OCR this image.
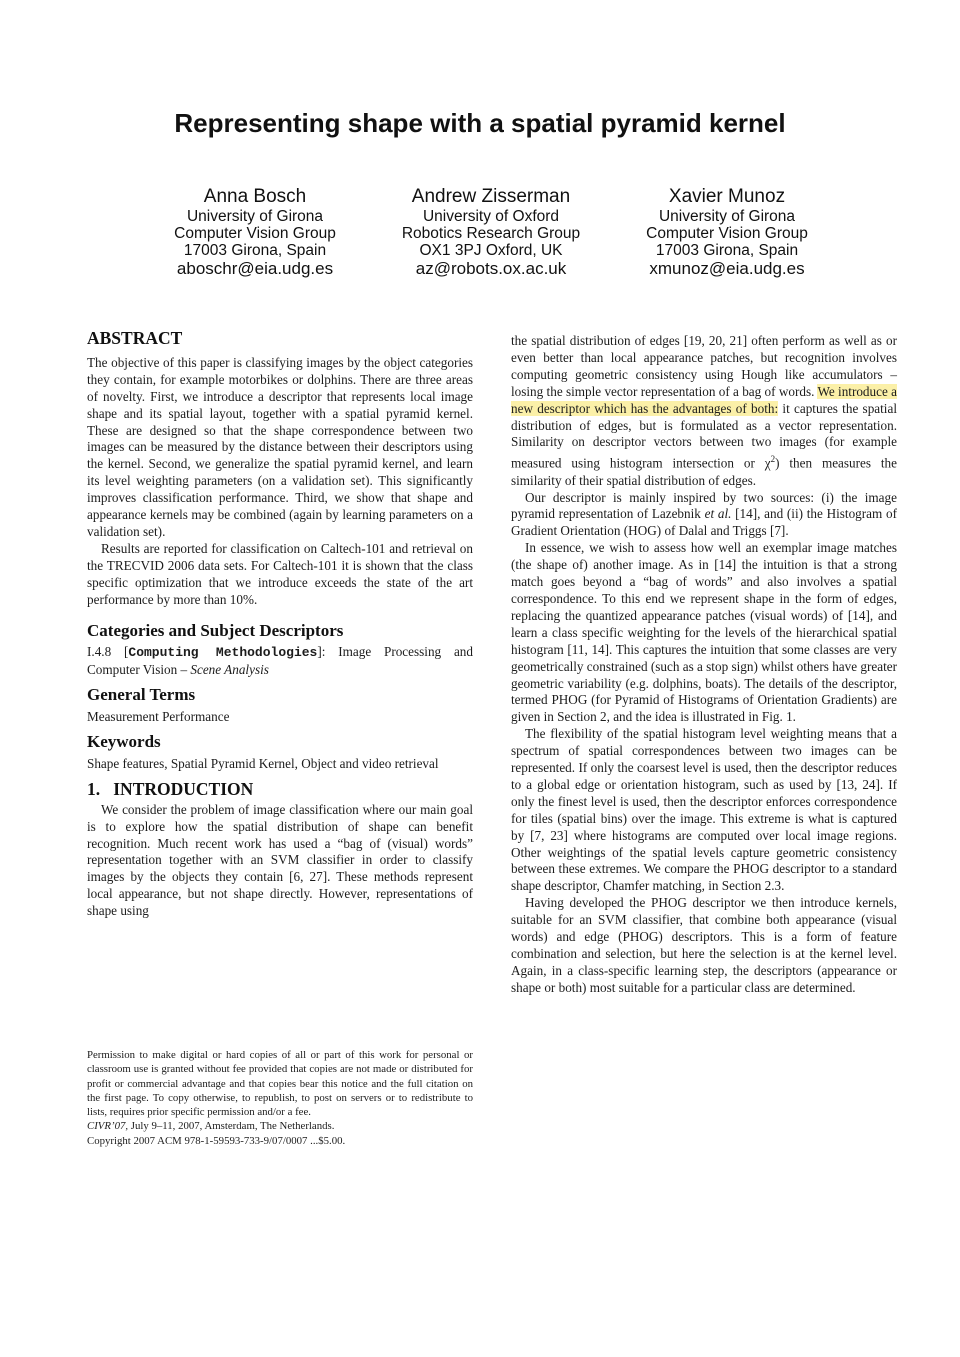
Representing shape with a spatial pyramid kernel
Anna Bosch
University of Girona
Computer Vision Group
17003 Girona, Spain
aboschr@eia.udg.es
Andrew Zisserman
University of Oxford
Robotics Research Group
OX1 3PJ Oxford, UK
az@robots.ox.ac.uk
Xavier Munoz
University of Girona
Computer Vision Group
17003 Girona, Spain
xmunoz@eia.udg.es
ABSTRACT

The objective of this paper is classifying images by the object categories they contain, for example motorbikes or dolphins. There are three areas of novelty. First, we introduce a descriptor that represents local image shape and its spatial layout, together with a spatial pyramid kernel. These are designed so that the shape correspondence between two images can be measured by the distance between their descriptors using the kernel. Second, we generalize the spatial pyramid kernel, and learn its level weighting parameters (on a validation set). This significantly improves classification performance. Third, we show that shape and appearance kernels may be combined (again by learning parameters on a validation set).

Results are reported for classification on Caltech-101 and retrieval on the TRECVID 2006 data sets. For Caltech-101 it is shown that the class specific optimization that we introduce exceeds the state of the art performance by more than 10%.

Categories and Subject Descriptors

I.4.8 [Computing Methodologies]: Image Processing and Computer Vision – Scene Analysis

General Terms

Measurement Performance

Keywords

Shape features, Spatial Pyramid Kernel, Object and video retrieval

1.   INTRODUCTION

We consider the problem of image classification where our main goal is to explore how the spatial distribution of shape can benefit recognition. Much recent work has used a “bag of (visual) words” representation together with an SVM classifier in order to classify images by the objects they contain [6, 27]. These methods represent local appearance, but not shape directly. However, representations of shape using

Permission to make digital or hard copies of all or part of this work for personal or classroom use is granted without fee provided that copies are not made or distributed for profit or commercial advantage and that copies bear this notice and the full citation on the first page. To copy otherwise, to republish, to post on servers or to redistribute to lists, requires prior specific permission and/or a fee.

CIVR’07, July 9–11, 2007, Amsterdam, The Netherlands.

Copyright 2007 ACM 978-1-59593-733-9/07/0007 ...$5.00.

the spatial distribution of edges [19, 20, 21] often perform as well as or even better than local appearance patches, but recognition involves computing geometric consistency using Hough like accumulators – losing the simple vector representation of a bag of words. We introduce a new descriptor which has the advantages of both: it captures the spatial distribution of edges, but is formulated as a vector representation. Similarity on descriptor vectors between two images (for example measured using histogram intersection or $\chi^2$) then measures the similarity of their spatial distribution of edges.

Our descriptor is mainly inspired by two sources: (i) the image pyramid representation of Lazebnik et al. [14], and (ii) the Histogram of Gradient Orientation (HOG) of Dalal and Triggs [7].

In essence, we wish to assess how well an exemplar image matches (the shape of) another image. As in [14] the intuition is that a strong match goes beyond a “bag of words” and also involves a spatial correspondence. To this end we represent shape in the form of edges, replacing the quantized appearance patches (visual words) of [14], and learn a class specific weighting for the levels of the hierarchical spatial histogram [11, 14]. This captures the intuition that some classes are very geometrically constrained (such as a stop sign) whilst others have greater geometric variability (e.g. dolphins, boats). The details of the descriptor, termed PHOG (for Pyramid of Histograms of Orientation Gradients) are given in Section 2, and the idea is illustrated in Fig. 1.

The flexibility of the spatial histogram level weighting means that a spectrum of spatial correspondences between two images can be represented. If only the coarsest level is used, then the descriptor reduces to a global edge or orientation histogram, such as used by [13, 24]. If only the finest level is used, then the descriptor enforces correspondence for tiles (spatial bins) over the image. This extreme is what is captured by [7, 23] where histograms are computed over local image regions. Other weightings of the spatial levels capture geometric consistency between these extremes. We compare the PHOG descriptor to a standard shape descriptor, Chamfer matching, in Section 2.3.

Having developed the PHOG descriptor we then introduce kernels, suitable for an SVM classifier, that combine both appearance (visual words) and edge (PHOG) descriptors. This is a form of feature combination and selection, but here the selection is at the kernel level. Again, in a class-specific learning step, the descriptors (appearance or shape or both) most suitable for a particular class are determined.
